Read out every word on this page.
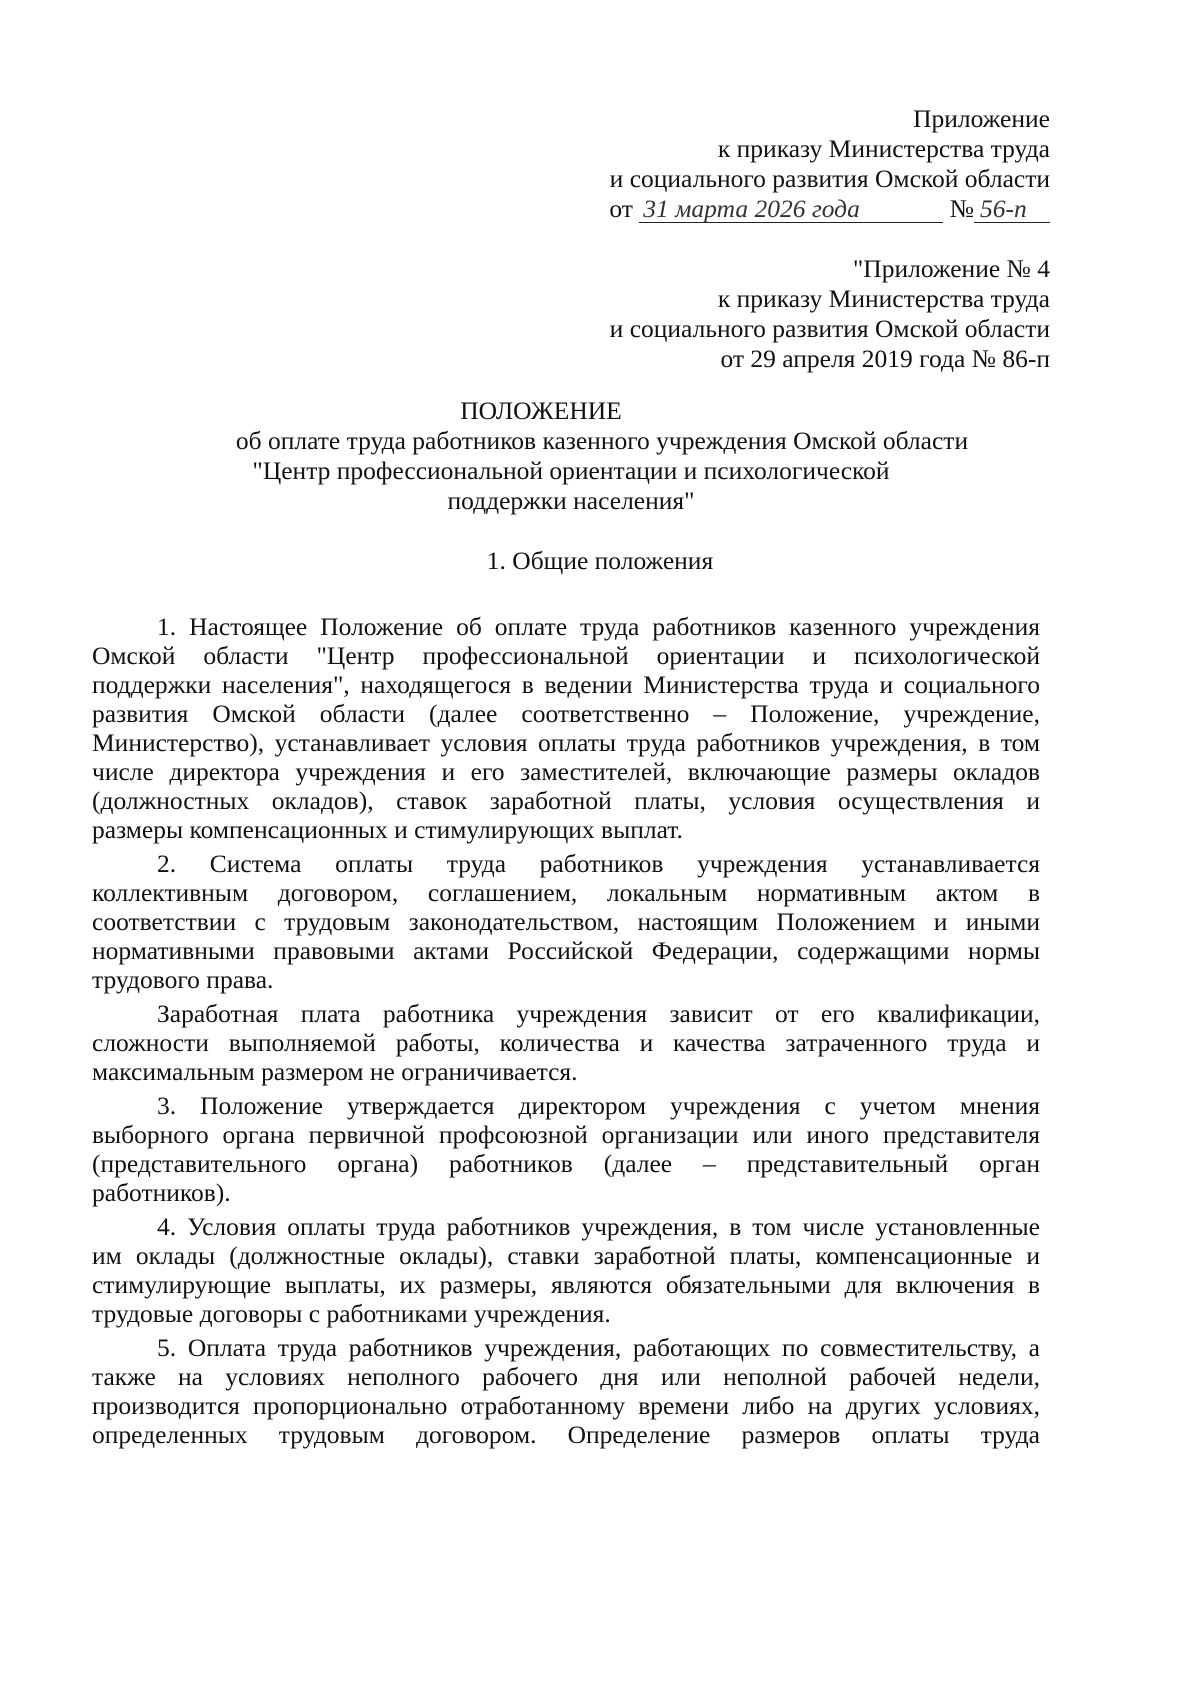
Приложение
к приказу Министерства труда
и социального развития Омской области
от 31 марта 2026 года	№ 56-п
"Приложение № 4
к приказу Министерства труда
и социального развития Омской области
от 29 апреля 2019 года № 86-п
ПОЛОЖЕНИЕ
об оплате труда работников казенного учреждения Омской области
"Центр профессиональной ориентации и психологической
поддержки населения"
1. Общие положения
1. Настоящее Положение об оплате труда работников казенного учреждения
Омской области "Центр профессиональной ориентации и психологической
поддержки населения", находящегося в ведении Министерства труда и социального
развития Омской области (далее соответственно – Положение, учреждение,
Министерство), устанавливает условия оплаты труда работников учреждения, в том
числе директора учреждения и его заместителей, включающие размеры окладов
(должностных окладов), ставок заработной платы, условия осуществления и
размеры компенсационных и стимулирующих выплат.
2. Система оплаты труда работников учреждения устанавливается
коллективным договором, соглашением, локальным нормативным актом в
соответствии с трудовым законодательством, настоящим Положением и иными
нормативными правовыми актами Российской Федерации, содержащими нормы
трудового права.
Заработная плата работника учреждения зависит от его квалификации,
сложности выполняемой работы, количества и качества затраченного труда и
максимальным размером не ограничивается.
3. Положение утверждается директором учреждения с учетом мнения
выборного органа первичной профсоюзной организации или иного представителя
(представительного органа) работников (далее – представительный орган
работников).
4. Условия оплаты труда работников учреждения, в том числе установленные
им оклады (должностные оклады), ставки заработной платы, компенсационные и
стимулирующие выплаты, их размеры, являются обязательными для включения в
трудовые договоры с работниками учреждения.
5. Оплата труда работников учреждения, работающих по совместительству, а
также на условиях неполного рабочего дня или неполной рабочей недели,
производится пропорционально отработанному времени либо на других условиях,
определенных трудовым договором. Определение размеров оплаты труда
